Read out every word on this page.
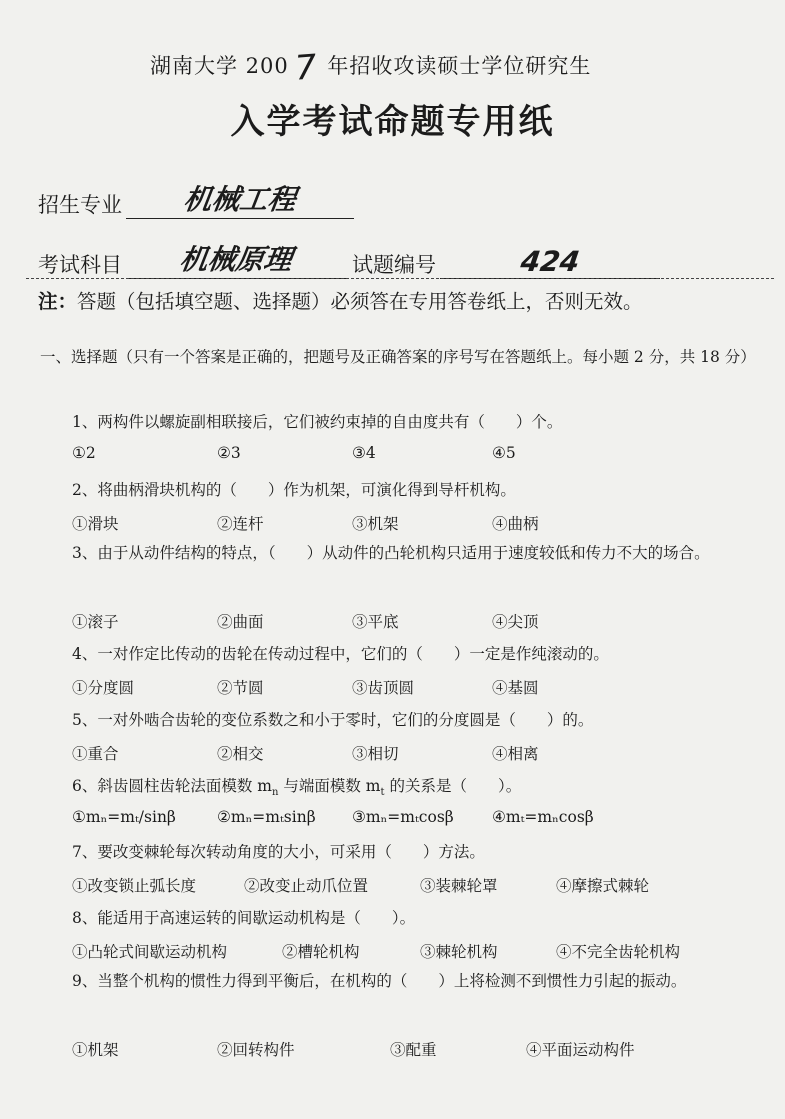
湖南大学 200 7 年招收攻读硕士学位研究生
入学考试命题专用纸
招生专业 机械工程
考试科目 机械原理	试题编号	424
注：答题（包括填空题、选择题）必须答在专用答卷纸上，否则无效。
一、选择题（只有一个答案是正确的，把题号及正确答案的序号写在答题纸上。每小题 2 分，共 18 分）
1、两构件以螺旋副相联接后，它们被约束掉的自由度共有（　　）个。
①2	②3	③4	④5
2、将曲柄滑块机构的（　　）作为机架，可演化得到导杆机构。
①滑块	②连杆	③机架	④曲柄
3、由于从动件结构的特点，（　　）从动件的凸轮机构只适用于速度较低和传力不大的场合。
①滚子	②曲面	③平底	④尖顶
4、一对作定比传动的齿轮在传动过程中，它们的（　　）一定是作纯滚动的。
①分度圆	②节圆	③齿顶圆	④基圆
5、一对外啮合齿轮的变位系数之和小于零时，它们的分度圆是（　　）的。
①重合	②相交	③相切	④相离
6、斜齿圆柱齿轮法面模数 $m_n$ 与端面模数 $m_t$ 的关系是（　　）。
①mₙ=mₜ/sinβ	②mₙ=mₜsinβ ③mₙ=mₜcosβ ④mₜ=mₙcosβ
7、要改变棘轮每次转动角度的大小，可采用（　　）方法。
①改变锁止弧长度	②改变止动爪位置	③装棘轮罩	④摩擦式棘轮
8、能适用于高速运转的间歇运动机构是（　　）。
①凸轮式间歇运动机构	②槽轮机构	③棘轮机构	④不完全齿轮机构
9、当整个机构的惯性力得到平衡后，在机构的（　　）上将检测不到惯性力引起的振动。
①机架	②回转构件	③配重	④平面运动构件
